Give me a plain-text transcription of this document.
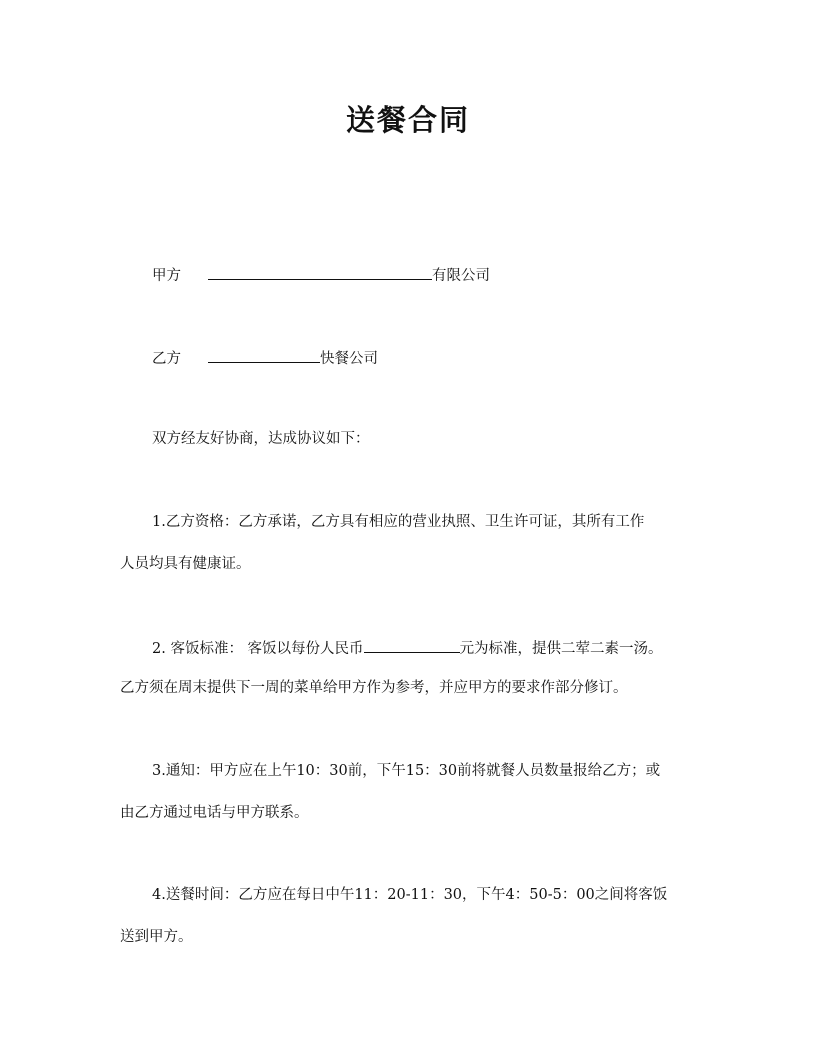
送餐合同
甲方	有限公司
乙方	快餐公司
双方经友好协商，达成协议如下：
1.乙方资格：乙方承诺，乙方具有相应的营业执照、卫生许可证，其所有工作
人员均具有健康证。
2. 客饭标准： 客饭以每份人民币	元为标准，提供二荤二素一汤。
乙方须在周末提供下一周的菜单给甲方作为参考，并应甲方的要求作部分修订。
3.通知：甲方应在上午10：30前，下午15：30前将就餐人员数量报给乙方；或
由乙方通过电话与甲方联系。
4.送餐时间：乙方应在每日中午11：20-11：30，下午4：50-5：00之间将客饭
送到甲方。
